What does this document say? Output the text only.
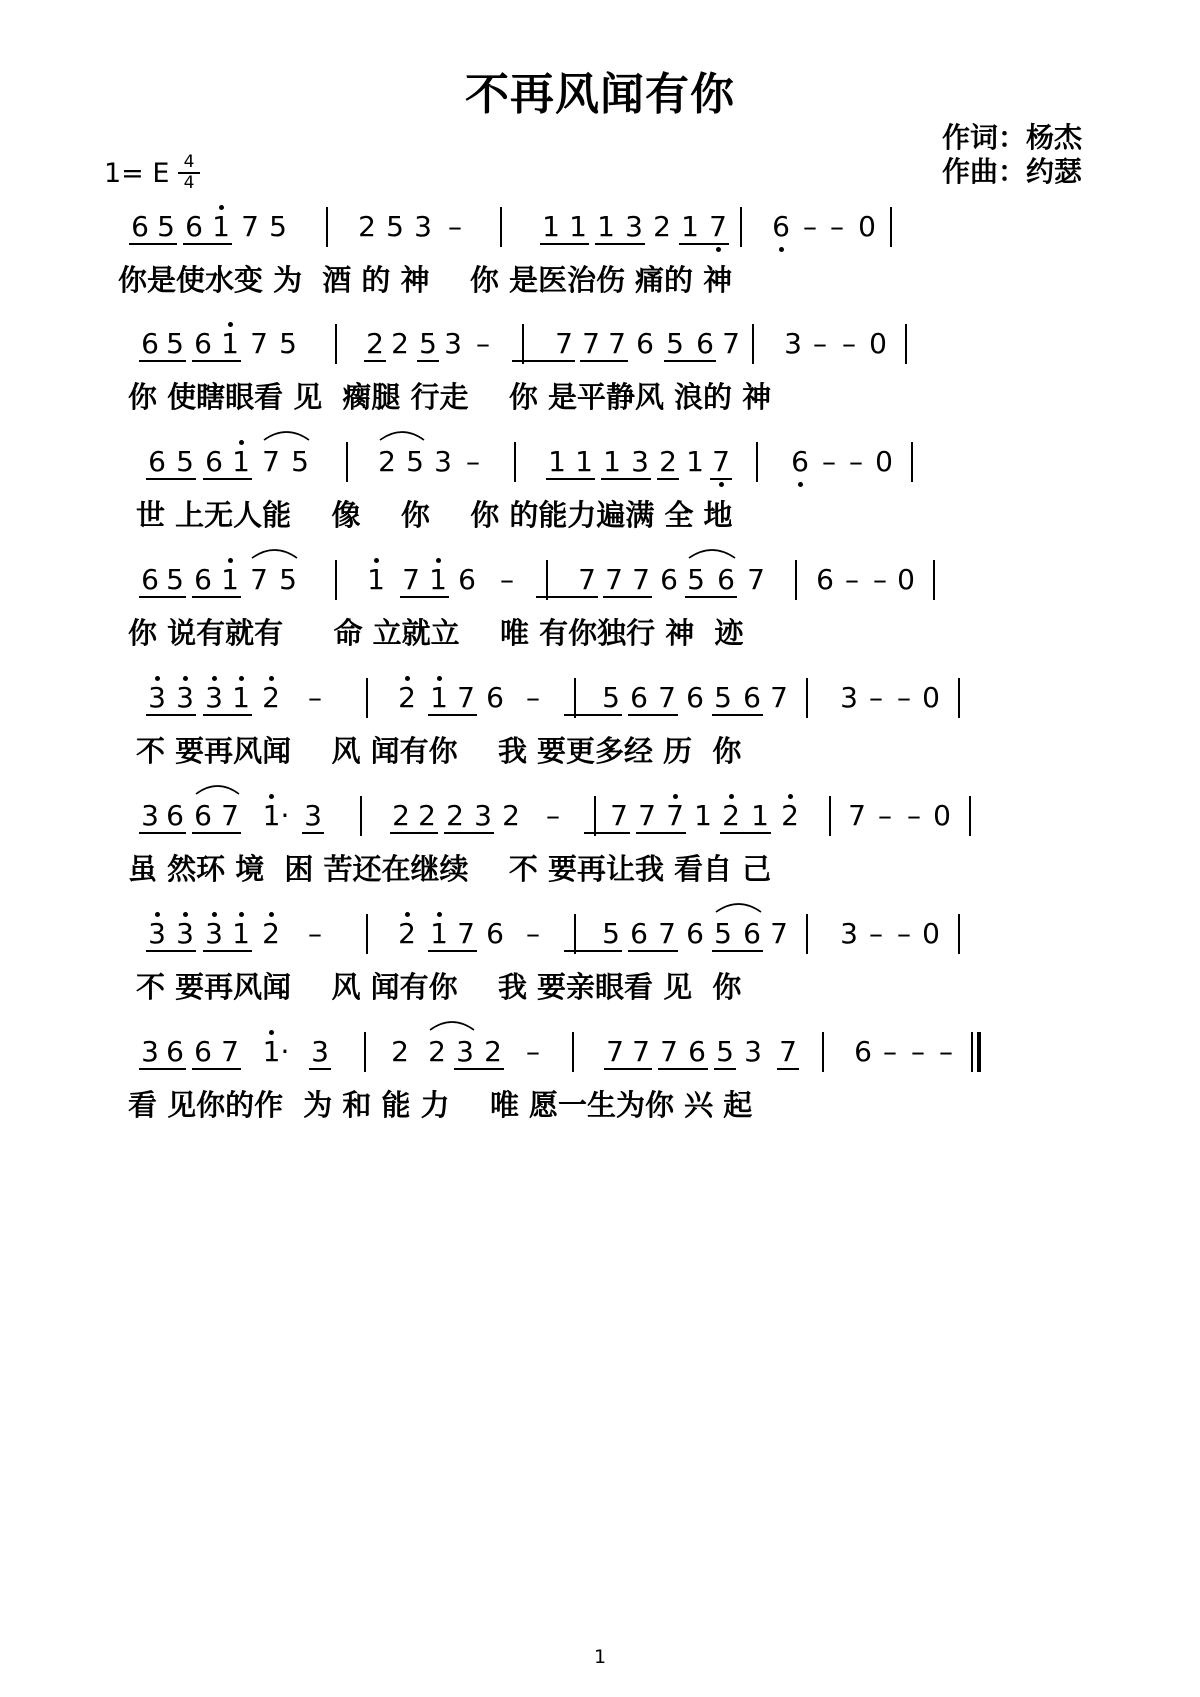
不再风闻有你
作词：杨杰
作曲：约瑟
1= E 4
4
6 5 6 1 7 5	2 5 3 –	1 1 1 3 2 1 7 6 – – 0
你是使水变 为  酒 的 神    你 是医治伤 痛的 神
6 5 6 1 7 5 2 2 5 3 – 7 7 7 6 5 6 7 3 – – 0
你 使瞎眼看 见  瘸腿 行走    你 是平静风 浪的 神
6 5 6 1 7 5 2 5 3 – 1 1 1 3 2 1 7 6 – – 0
世 上无人能    像    你    你 的能力遍满 全 地
6 5 6 1 7 5	1 7 1 6 – 7 7 7 6 5 6 7 6 – – 0
你 说有就有     命 立就立    唯 有你独行 神  迹
3 3 3 1 2 –	2 1 7 6 – 5 6 7 6 5 6 7 3 – – 0
不 要再风闻    风 闻有你    我 要更多经 历  你
3 6 6 7 1· 3	2 2 2 3 2 – 7 7 7 1 2 1 2 7 – – 0
虽 然环 境  困 苦还在继续    不 要再让我 看自 己
3 3 3 1 2 –	2 1 7 6 – 5 6 7 6 5 6 7 3 – – 0
不 要再风闻    风 闻有你    我 要亲眼看 见  你
3 6 6 7 1· 3 2 2 3 2 – 7 7 7 6 5 3 7 6 – – –
看 见你的作  为 和 能 力    唯 愿一生为你 兴 起
1
